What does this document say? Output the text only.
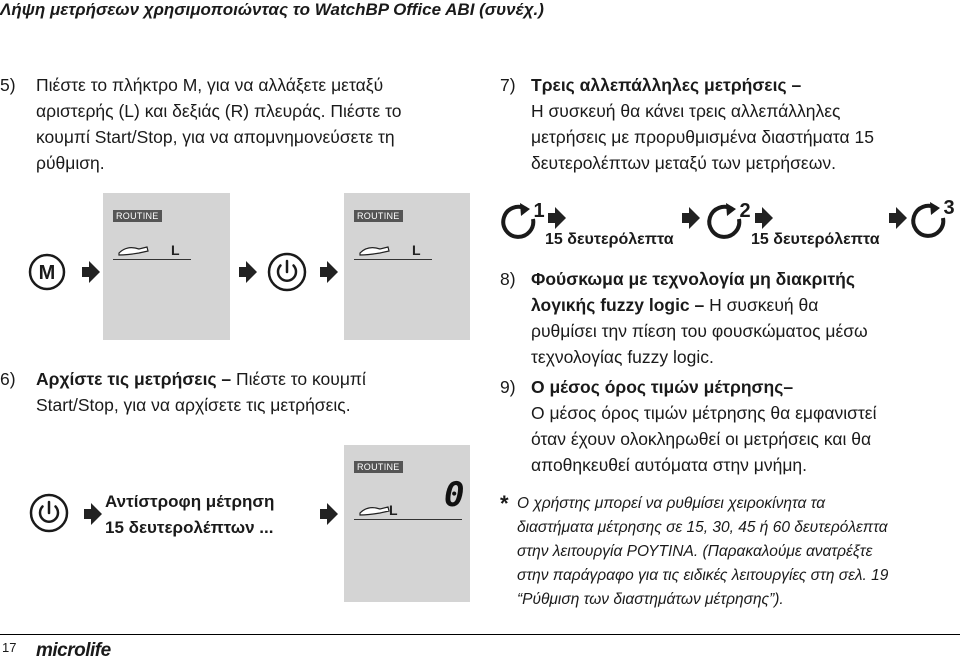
Λήψη μετρήσεων χρησιμοποιώντας το WatchBP Office ABI (συνέχ.)
5) Πιέστε το πλήκτρο M, για να αλλάξετε μεταξύ
αριστερής (L) και δεξιάς (R) πλευράς. Πιέστε το
κουμπί Start/Stop, για να απομνημονεύσετε τη
ρύθμιση.
M
ROUTINE
L
ROUTINE
L
6) Αρχίστε τις μετρήσεις – Πιέστε το κουμπί
Start/Stop, για να αρχίσετε τις μετρήσεις.
Αντίστροφη μέτρηση
15 δευτερολέπτων ...
ROUTINE
L 0
7) Τρεις αλλεπάλληλες μετρήσεις –
Η συσκευή θα κάνει τρεις αλλεπάλληλες
μετρήσεις με προρυθμισμένα διαστήματα 15
δευτερολέπτων μεταξύ των μετρήσεων.
1
15 δευτερόλεπτα
2
15 δευτερόλεπτα
3
8) Φούσκωμα με τεχνολογία μη διακριτής
λογικής fuzzy logic – Η συσκευή θα
ρυθμίσει την πίεση του φουσκώματος μέσω
τεχνολογίας fuzzy logic.
9) Ο μέσος όρος τιμών μέτρησης–
Ο μέσος όρος τιμών μέτρησης θα εμφανιστεί
όταν έχουν ολοκληρωθεί οι μετρήσεις και θα
αποθηκευθεί αυτόματα στην μνήμη.
* Ο χρήστης μπορεί να ρυθμίσει χειροκίνητα τα
διαστήματα μέτρησης σε 15, 30, 45 ή 60 δευτερόλεπτα
στην λειτουργία ΡΟΥΤΙΝΑ. (Παρακαλούμε ανατρέξτε
στην παράγραφο για τις ειδικές λειτουργίες στη σελ. 19
“Ρύθμιση των διαστημάτων μέτρησης”).
17 microlife
